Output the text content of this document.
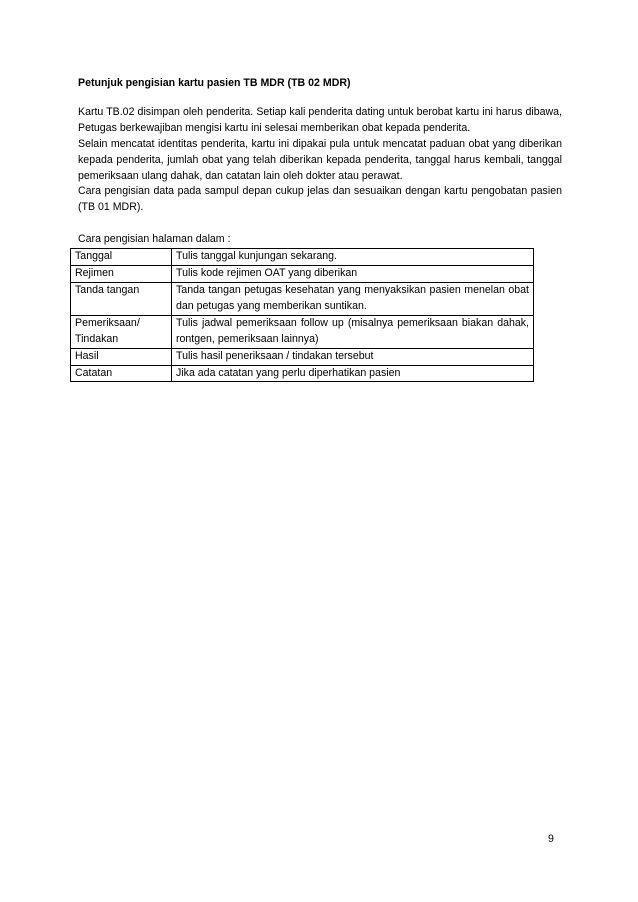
Petunjuk pengisian kartu pasien TB MDR (TB 02 MDR)

Kartu TB.02 disimpan oleh penderita. Setiap kali penderita dating untuk berobat kartu ini harus dibawa, Petugas berkewajiban mengisi kartu ini selesai memberikan obat kepada penderita.

Selain mencatat identitas penderita, kartu ini dipakai pula untuk mencatat paduan obat yang diberikan kepada penderita, jumlah obat yang telah diberikan kepada penderita, tanggal harus kembali, tanggal pemeriksaan ulang dahak, dan catatan lain oleh dokter atau perawat.

Cara pengisian data pada sampul depan cukup jelas dan sesuaikan dengan kartu pengobatan pasien (TB 01 MDR).

Cara pengisian halaman dalam :

Tanggal	Tulis tanggal kunjungan sekarang.
Rejimen	Tulis kode rejimen OAT yang diberikan
Tanda tangan	Tanda tangan petugas kesehatan yang menyaksikan pasien menelan obat dan petugas yang memberikan suntikan.
Pemeriksaan/ Tindakan	Tulis jadwal pemeriksaan follow up (misalnya pemeriksaan biakan dahak, rontgen, pemeriksaan lainnya)
Hasil	Tulis hasil peneriksaan / tindakan tersebut
Catatan	Jika ada catatan yang perlu diperhatikan pasien
9
